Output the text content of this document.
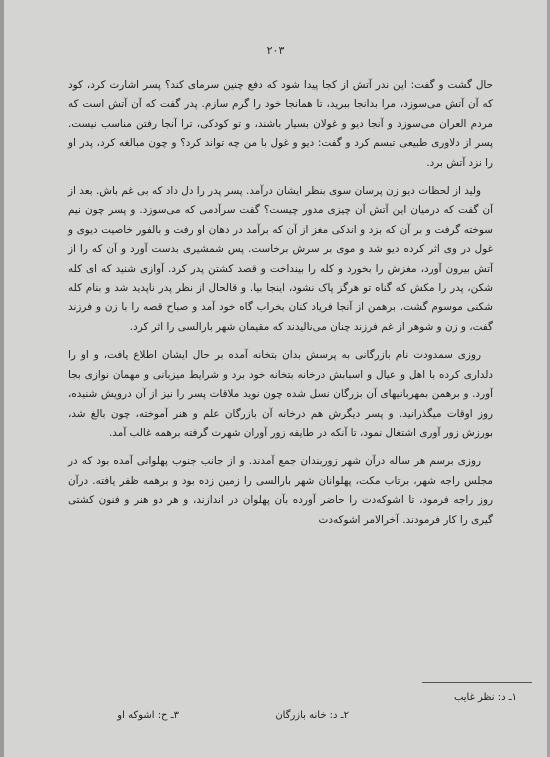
۲۰۳

حال گشت و گفت: این ندر آتش از کجا پیدا شود که دفع چنین سرمای کند؟ پسر اشارت کرد، کود که آن آتش می‌سوزد، مرا بدانجا ببرید، تا همانجا خود را گرم سازم. پدر گفت که آن آتش است که مردم العران می‌سوزد و آنجا دیو و غولان بسیار باشند، و تو کودکی، ترا آنجا رفتن مناسب نیست. پسر از دلاوری طبیعی تبسم کرد و گفت: دیو و غول با من چه تواند کرد؟ و چون مبالغه کرد، پدر او را نزد آتش برد.

ولید از لحظات دیو زن پرسان سوی بنظر ایشان درآمد. پسر پدر را دل داد که بی غم باش. بعد از آن گفت که درمیان این آتش آن چیزی مدور چیست؟ گفت سرآدمی که می‌سوزد. و پسر چون نیم سوخته گرفت و بر آن که بزد و اندکی مغز از آن که برآمد در دهان او رفت و بالفور خاصیت دیوی و غول در وی اثر کرده دیو شد و موی بر سرش برخاست. پس شمشیری بدست آورد و آن که را از آتش بیرون آورد، مغزش را بخورد و کله را بینداخت و قصد کشتن پدر کرد. آوازی شنید که ای کله شکن، پدر را مکش که گناه تو هرگز پاک نشود، اینجا بیا. و قالحال از نظر پدر ناپدید شد و بنام کله شکنی موسوم گشت. برهمن از آنجا فریاد کنان بخراب گاه خود آمد و صباح قصه را با زن و فرزند گفت، و زن و شوهر از غم فرزند چنان می‌نالیدند که مقیمان شهر بارالسی را اثر کرد.

روزی سمدودت نام بازرگانی به پرسش بدان بتخانه آمده بر حال ایشان اطلاع یافت، و او را دلداری کرده با اهل و عیال و اسبابش درخانه بتخانه خود برد و شرایط میزبانی و مهمان نوازی بجا آورد. و برهمن بمهربانیهای آن بزرگان نسل شده چون نوید ملاقات پسر را نیز از آن درویش شنیده، روز اوقات میگذرانید. و پسر دیگرش هم درخانه آن بازرگان علم و هنر آموخته، چون بالغ شد، بورزش زور آوری اشتغال نمود، تا آنکه در طایفه زور آوران شهرت گرفته برهمه غالب آمد.

روزی برسم هر ساله درآن شهر زوربندان جمع آمدند. و از جانب جنوب پهلوانی آمده بود که در مجلس راجه شهر، برتاب مکت، پهلوانان شهر بارالسی را زمین زده بود و برهمه ظفر یافته. درآن روز راجه فرمود، تا اشوکه‌دت را حاضر آورده بآن پهلوان در اندازند، و هر دو هنر و فنون کشتی گیری را کار فرمودند. آخرالامر اشوکه‌دت

۱ـ د: نظر غایب
۲ـ د: خانه بازرگان
۳ـ ح: اشوکه او
